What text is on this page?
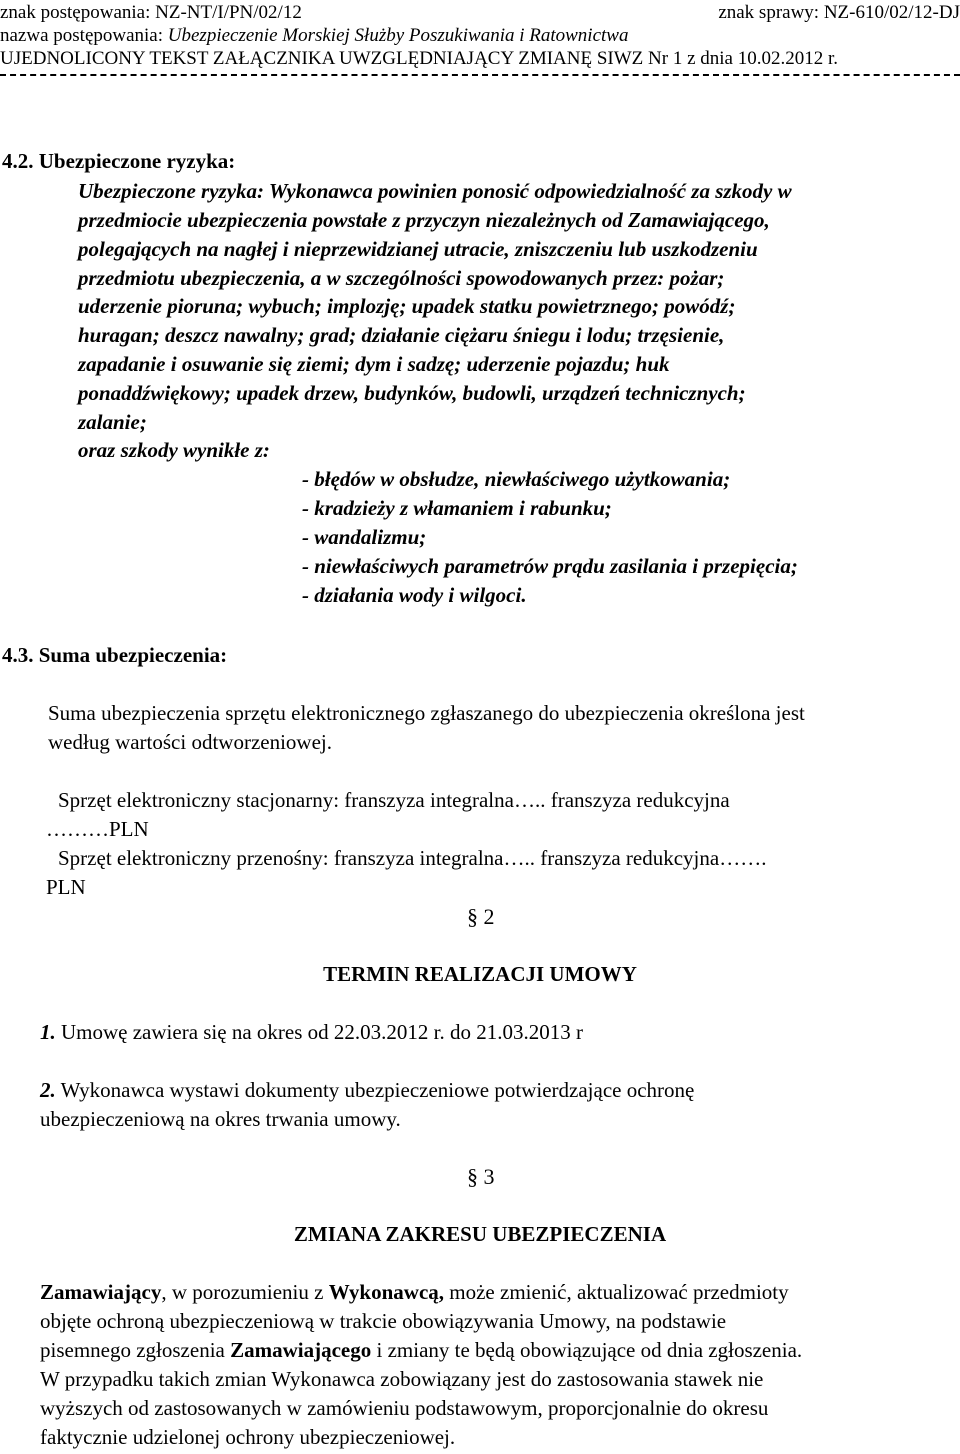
znak postępowania: NZ-NT/I/PN/02/12	znak sprawy: NZ-610/02/12-DJ
nazwa postępowania: Ubezpieczenie Morskiej Służby Poszukiwania i Ratownictwa
UJEDNOLICONY TEKST ZAŁĄCZNIKA UWZGLĘDNIAJĄCY ZMIANĘ SIWZ Nr 1 z dnia 10.02.2012 r.
4.2. Ubezpieczone ryzyka:
Ubezpieczone ryzyka: Wykonawca powinien ponosić odpowiedzialność za szkody w
przedmiocie ubezpieczenia powstałe z przyczyn niezależnych od Zamawiającego,
polegających na nagłej i nieprzewidzianej utracie, zniszczeniu lub uszkodzeniu
przedmiotu ubezpieczenia, a w szczególności spowodowanych przez: pożar;
uderzenie pioruna; wybuch; implozję; upadek statku powietrznego; powódź;
huragan; deszcz nawalny; grad; działanie ciężaru śniegu i lodu; trzęsienie,
zapadanie i osuwanie się ziemi; dym i sadzę; uderzenie pojazdu; huk
ponaddźwiękowy; upadek drzew, budynków, budowli, urządzeń technicznych;
zalanie;
oraz szkody wynikłe z:
- błędów w obsłudze, niewłaściwego użytkowania;
- kradzieży z włamaniem i rabunku;
- wandalizmu;
- niewłaściwych parametrów prądu zasilania i przepięcia;
- działania wody i wilgoci.
4.3. Suma ubezpieczenia:
Suma ubezpieczenia sprzętu elektronicznego zgłaszanego do ubezpieczenia określona jest
według wartości odtworzeniowej.
Sprzęt elektroniczny stacjonarny: franszyza integralna….. franszyza redukcyjna
………PLN
Sprzęt elektroniczny przenośny: franszyza integralna….. franszyza redukcyjna…….
PLN
§ 2
TERMIN REALIZACJI UMOWY
1. Umowę zawiera się na okres od 22.03.2012 r. do 21.03.2013 r
2. Wykonawca wystawi dokumenty ubezpieczeniowe potwierdzające ochronę
ubezpieczeniową na okres trwania umowy.
§ 3
ZMIANA ZAKRESU UBEZPIECZENIA
Zamawiający, w porozumieniu z Wykonawcą, może zmienić, aktualizować przedmioty
objęte ochroną ubezpieczeniową w trakcie obowiązywania Umowy, na podstawie
pisemnego zgłoszenia Zamawiającego i zmiany te będą obowiązujące od dnia zgłoszenia.
W przypadku takich zmian Wykonawca zobowiązany jest do zastosowania stawek nie
wyższych od zastosowanych w zamówieniu podstawowym, proporcjonalnie do okresu
faktycznie udzielonej ochrony ubezpieczeniowej.
